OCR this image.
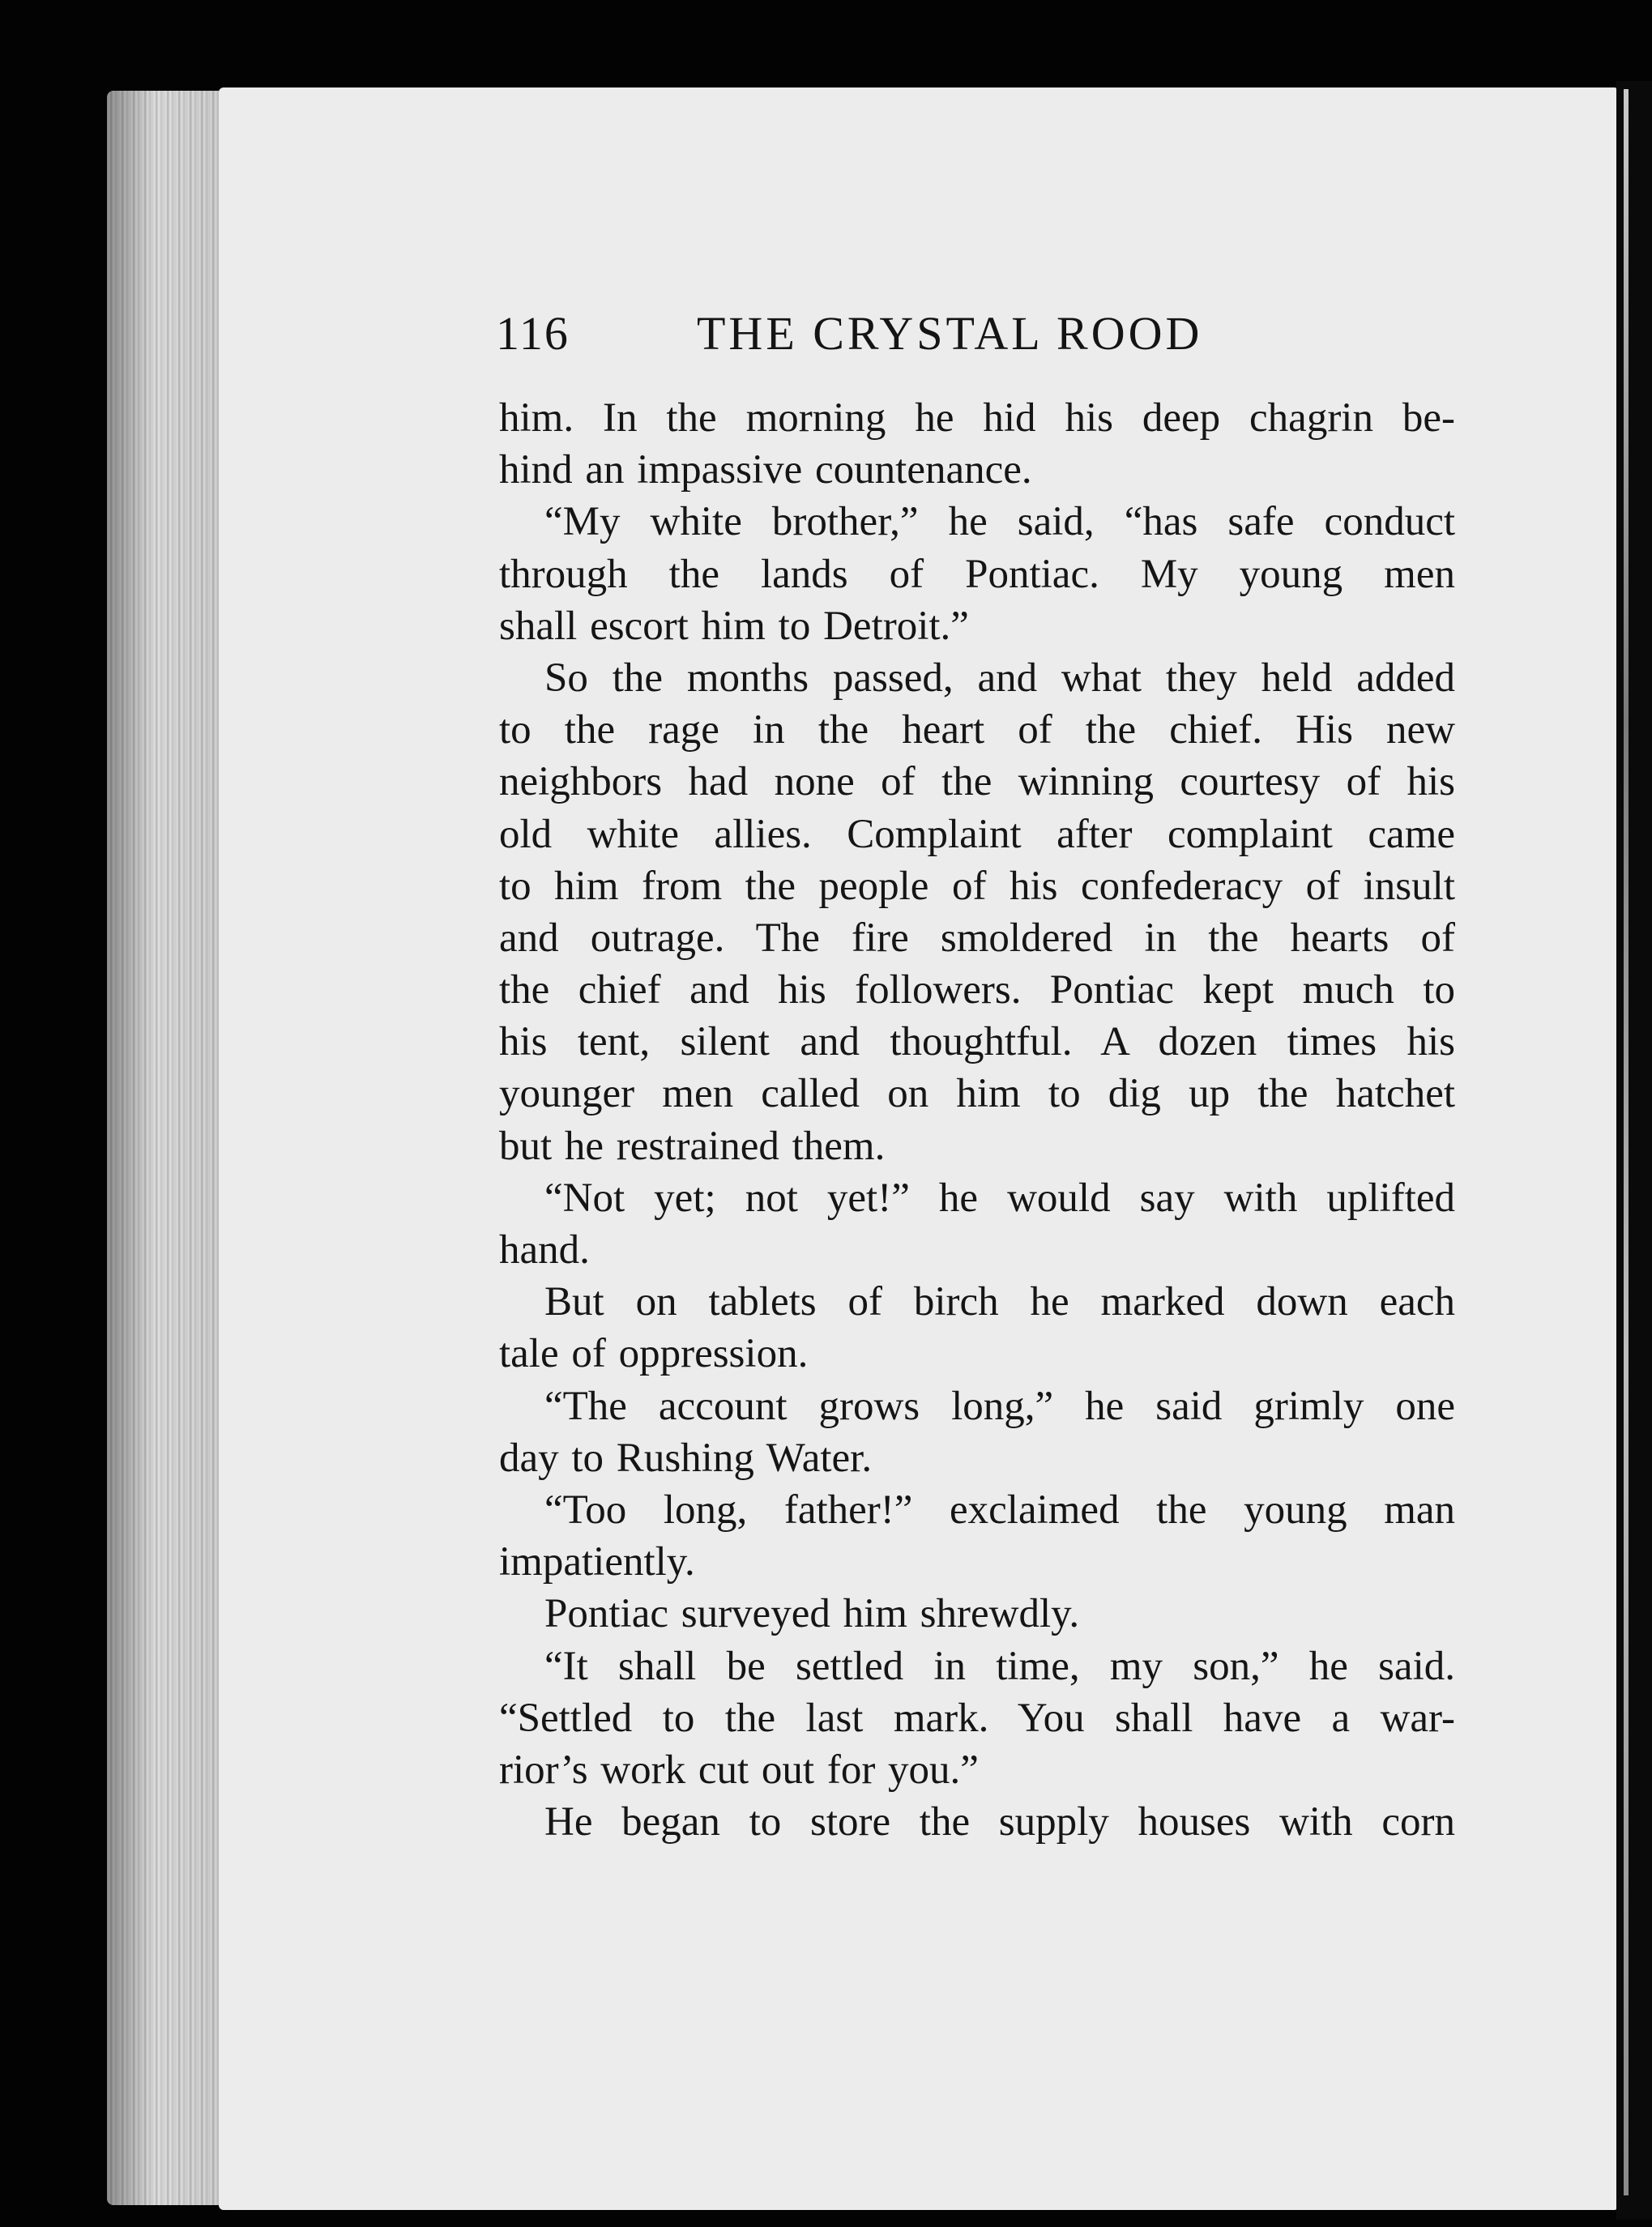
116	THE CRYSTAL ROOD
him. In the morning he hid his deep chagrin be-
hind an impassive countenance.
“My white brother,” he said, “has safe conduct
through the lands of Pontiac. My young men
shall escort him to Detroit.”
So the months passed, and what they held added
to the rage in the heart of the chief. His new
neighbors had none of the winning courtesy of his
old white allies. Complaint after complaint came
to him from the people of his confederacy of insult
and outrage. The fire smoldered in the hearts of
the chief and his followers. Pontiac kept much to
his tent, silent and thoughtful. A dozen times his
younger men called on him to dig up the hatchet
but he restrained them.
“Not yet; not yet!” he would say with uplifted
hand.
But on tablets of birch he marked down each
tale of oppression.
“The account grows long,” he said grimly one
day to Rushing Water.
“Too long, father!” exclaimed the young man
impatiently.
Pontiac surveyed him shrewdly.
“It shall be settled in time, my son,” he said.
“Settled to the last mark. You shall have a war-
rior’s work cut out for you.”
He began to store the supply houses with corn
